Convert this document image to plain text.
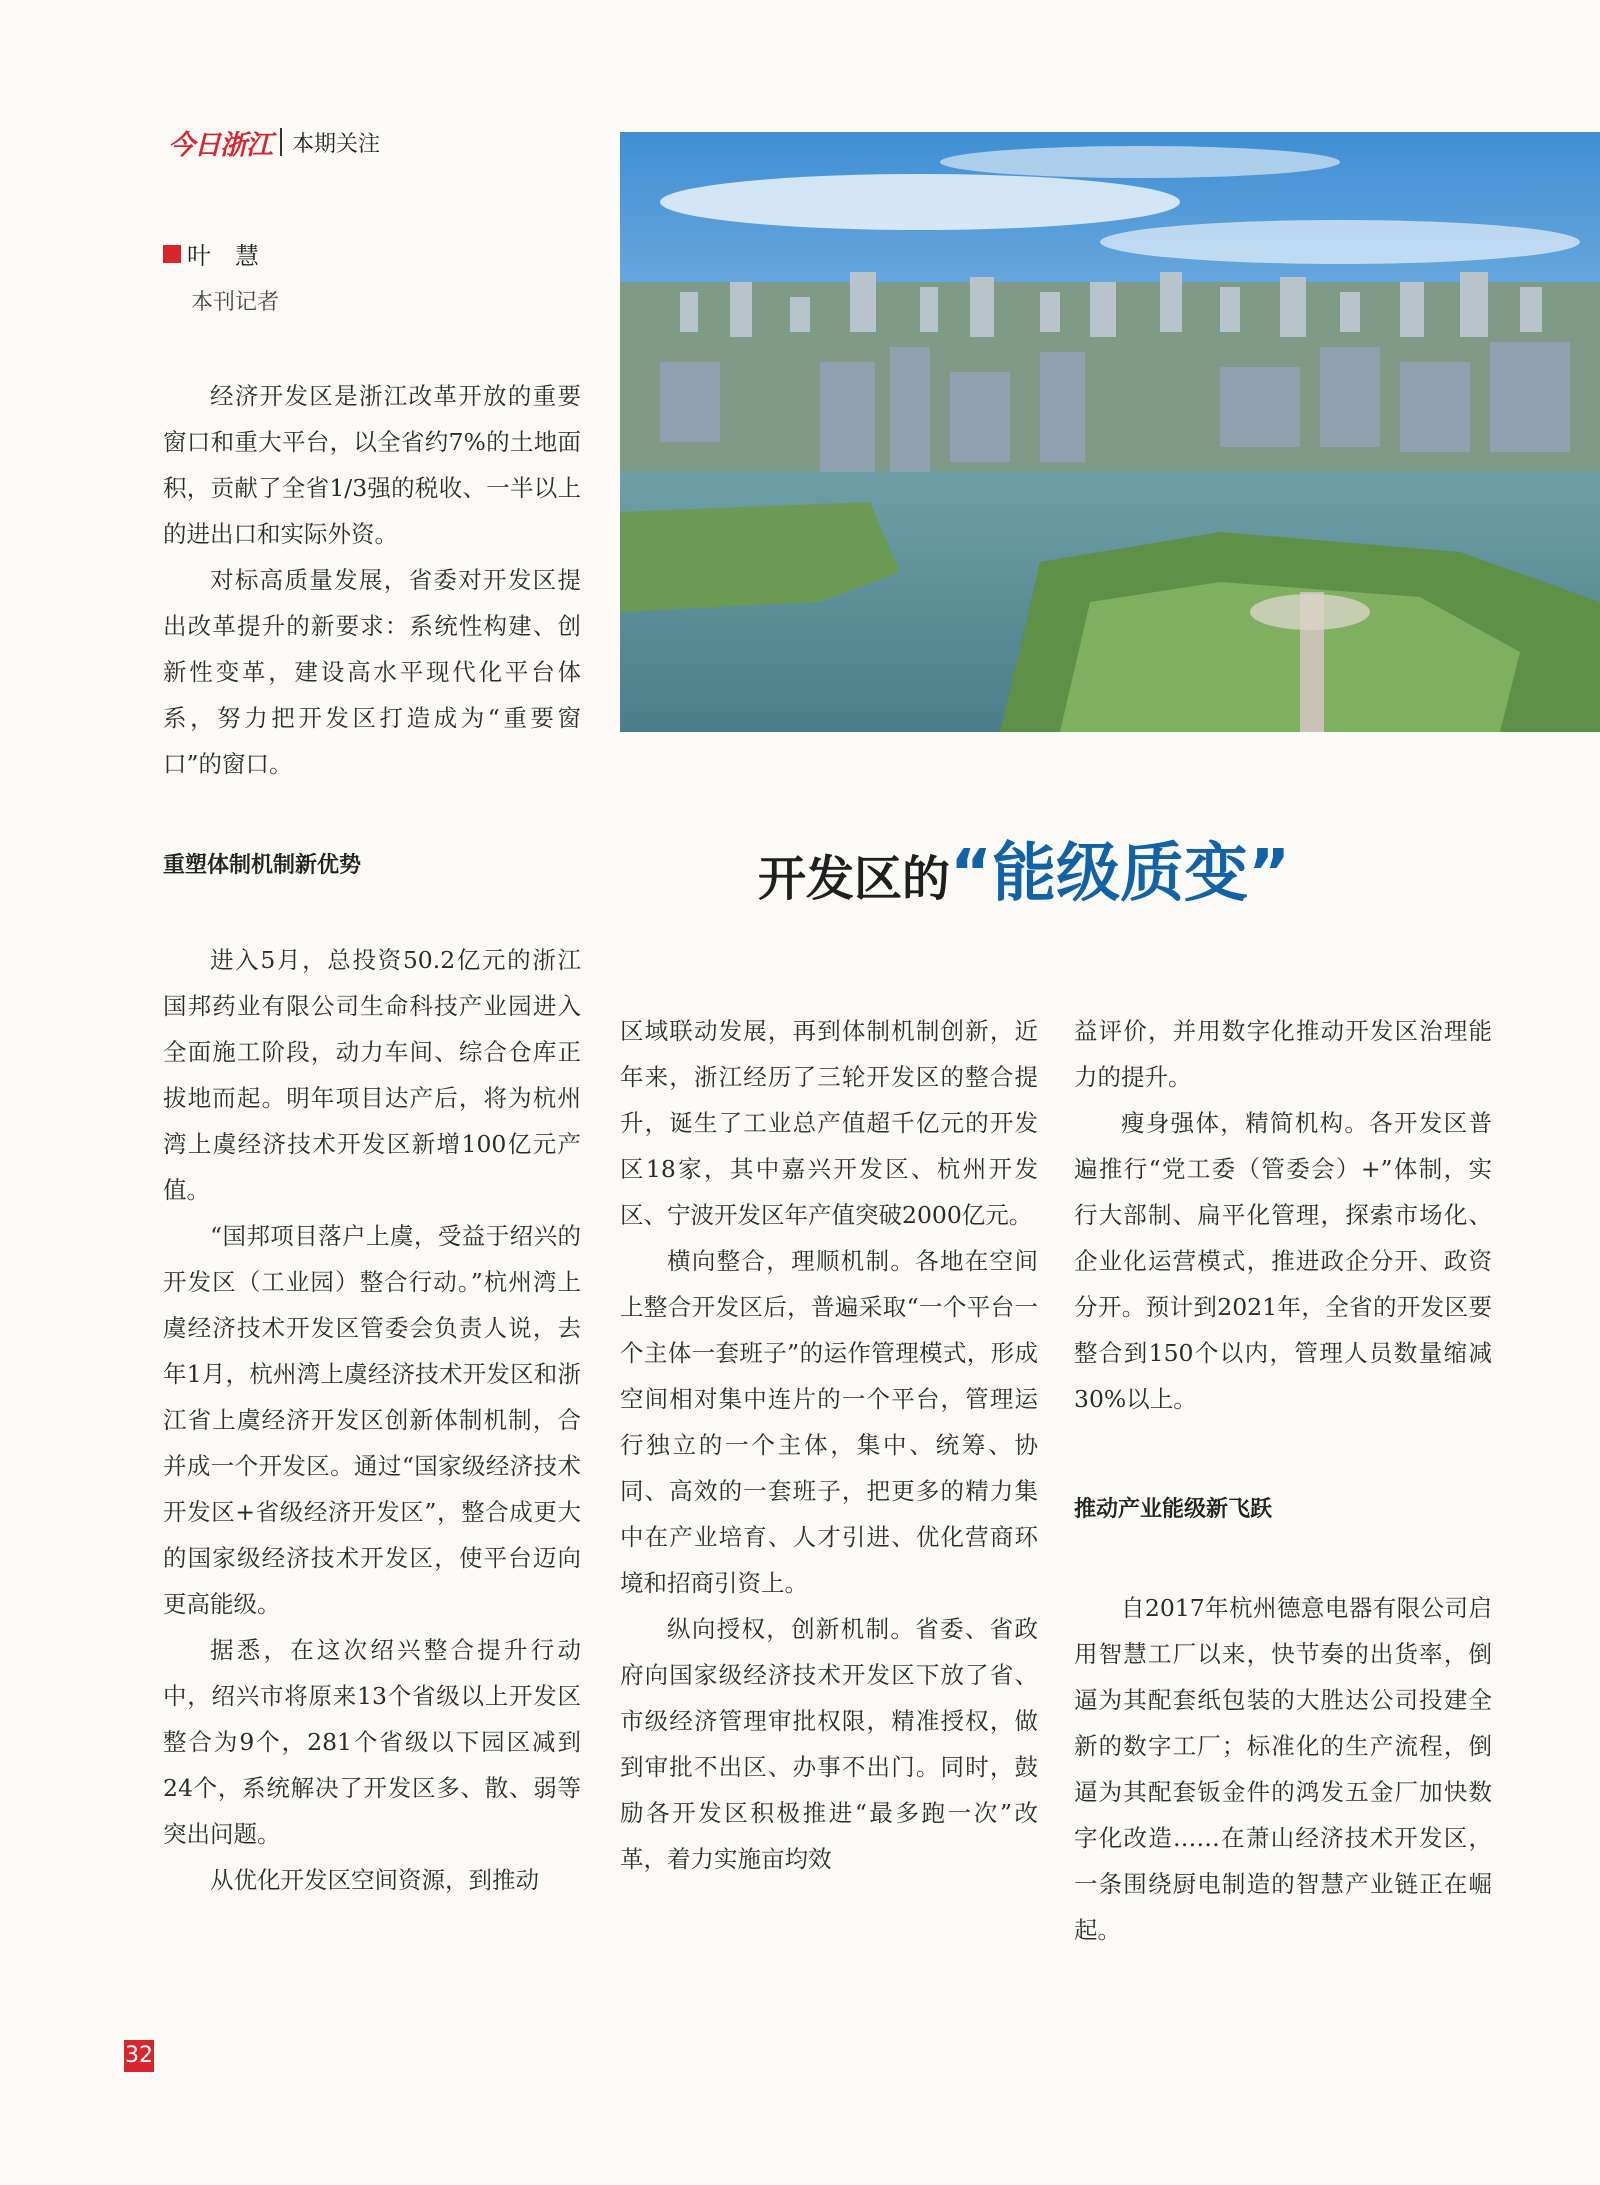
今日浙江 本期关注
叶　慧
本刊记者
开发区的“能级质变”

经济开发区是浙江改革开放的重要窗口和重大平台，以全省约7%的土地面积，贡献了全省1/3强的税收、一半以上的进出口和实际外资。

对标高质量发展，省委对开发区提出改革提升的新要求：系统性构建、创新性变革，建设高水平现代化平台体系，努力把开发区打造成为“重要窗口”的窗口。

重塑体制机制新优势

进入5月，总投资50.2亿元的浙江国邦药业有限公司生命科技产业园进入全面施工阶段，动力车间、综合仓库正拔地而起。明年项目达产后，将为杭州湾上虞经济技术开发区新增100亿元产值。

“国邦项目落户上虞，受益于绍兴的开发区（工业园）整合行动。”杭州湾上虞经济技术开发区管委会负责人说，去年1月，杭州湾上虞经济技术开发区和浙江省上虞经济开发区创新体制机制，合并成一个开发区。通过“国家级经济技术开发区+省级经济开发区”，整合成更大的国家级经济技术开发区，使平台迈向更高能级。

据悉，在这次绍兴整合提升行动中，绍兴市将原来13个省级以上开发区整合为9个，281个省级以下园区减到24个，系统解决了开发区多、散、弱等突出问题。

从优化开发区空间资源，到推动

区域联动发展，再到体制机制创新，近年来，浙江经历了三轮开发区的整合提升，诞生了工业总产值超千亿元的开发区18家，其中嘉兴开发区、杭州开发区、宁波开发区年产值突破2000亿元。

横向整合，理顺机制。各地在空间上整合开发区后，普遍采取“一个平台一个主体一套班子”的运作管理模式，形成空间相对集中连片的一个平台，管理运行独立的一个主体，集中、统筹、协同、高效的一套班子，把更多的精力集中在产业培育、人才引进、优化营商环境和招商引资上。

纵向授权，创新机制。省委、省政府向国家级经济技术开发区下放了省、市级经济管理审批权限，精准授权，做到审批不出区、办事不出门。同时，鼓励各开发区积极推进“最多跑一次”改革，着力实施亩均效

益评价，并用数字化推动开发区治理能力的提升。

瘦身强体，精简机构。各开发区普遍推行“党工委（管委会）+”体制，实行大部制、扁平化管理，探索市场化、企业化运营模式，推进政企分开、政资分开。预计到2021年，全省的开发区要整合到150个以内，管理人员数量缩减30%以上。

推动产业能级新飞跃

自2017年杭州德意电器有限公司启用智慧工厂以来，快节奏的出货率，倒逼为其配套纸包装的大胜达公司投建全新的数字工厂；标准化的生产流程，倒逼为其配套钣金件的鸿发五金厂加快数字化改造……在萧山经济技术开发区，一条围绕厨电制造的智慧产业链正在崛起。

32
